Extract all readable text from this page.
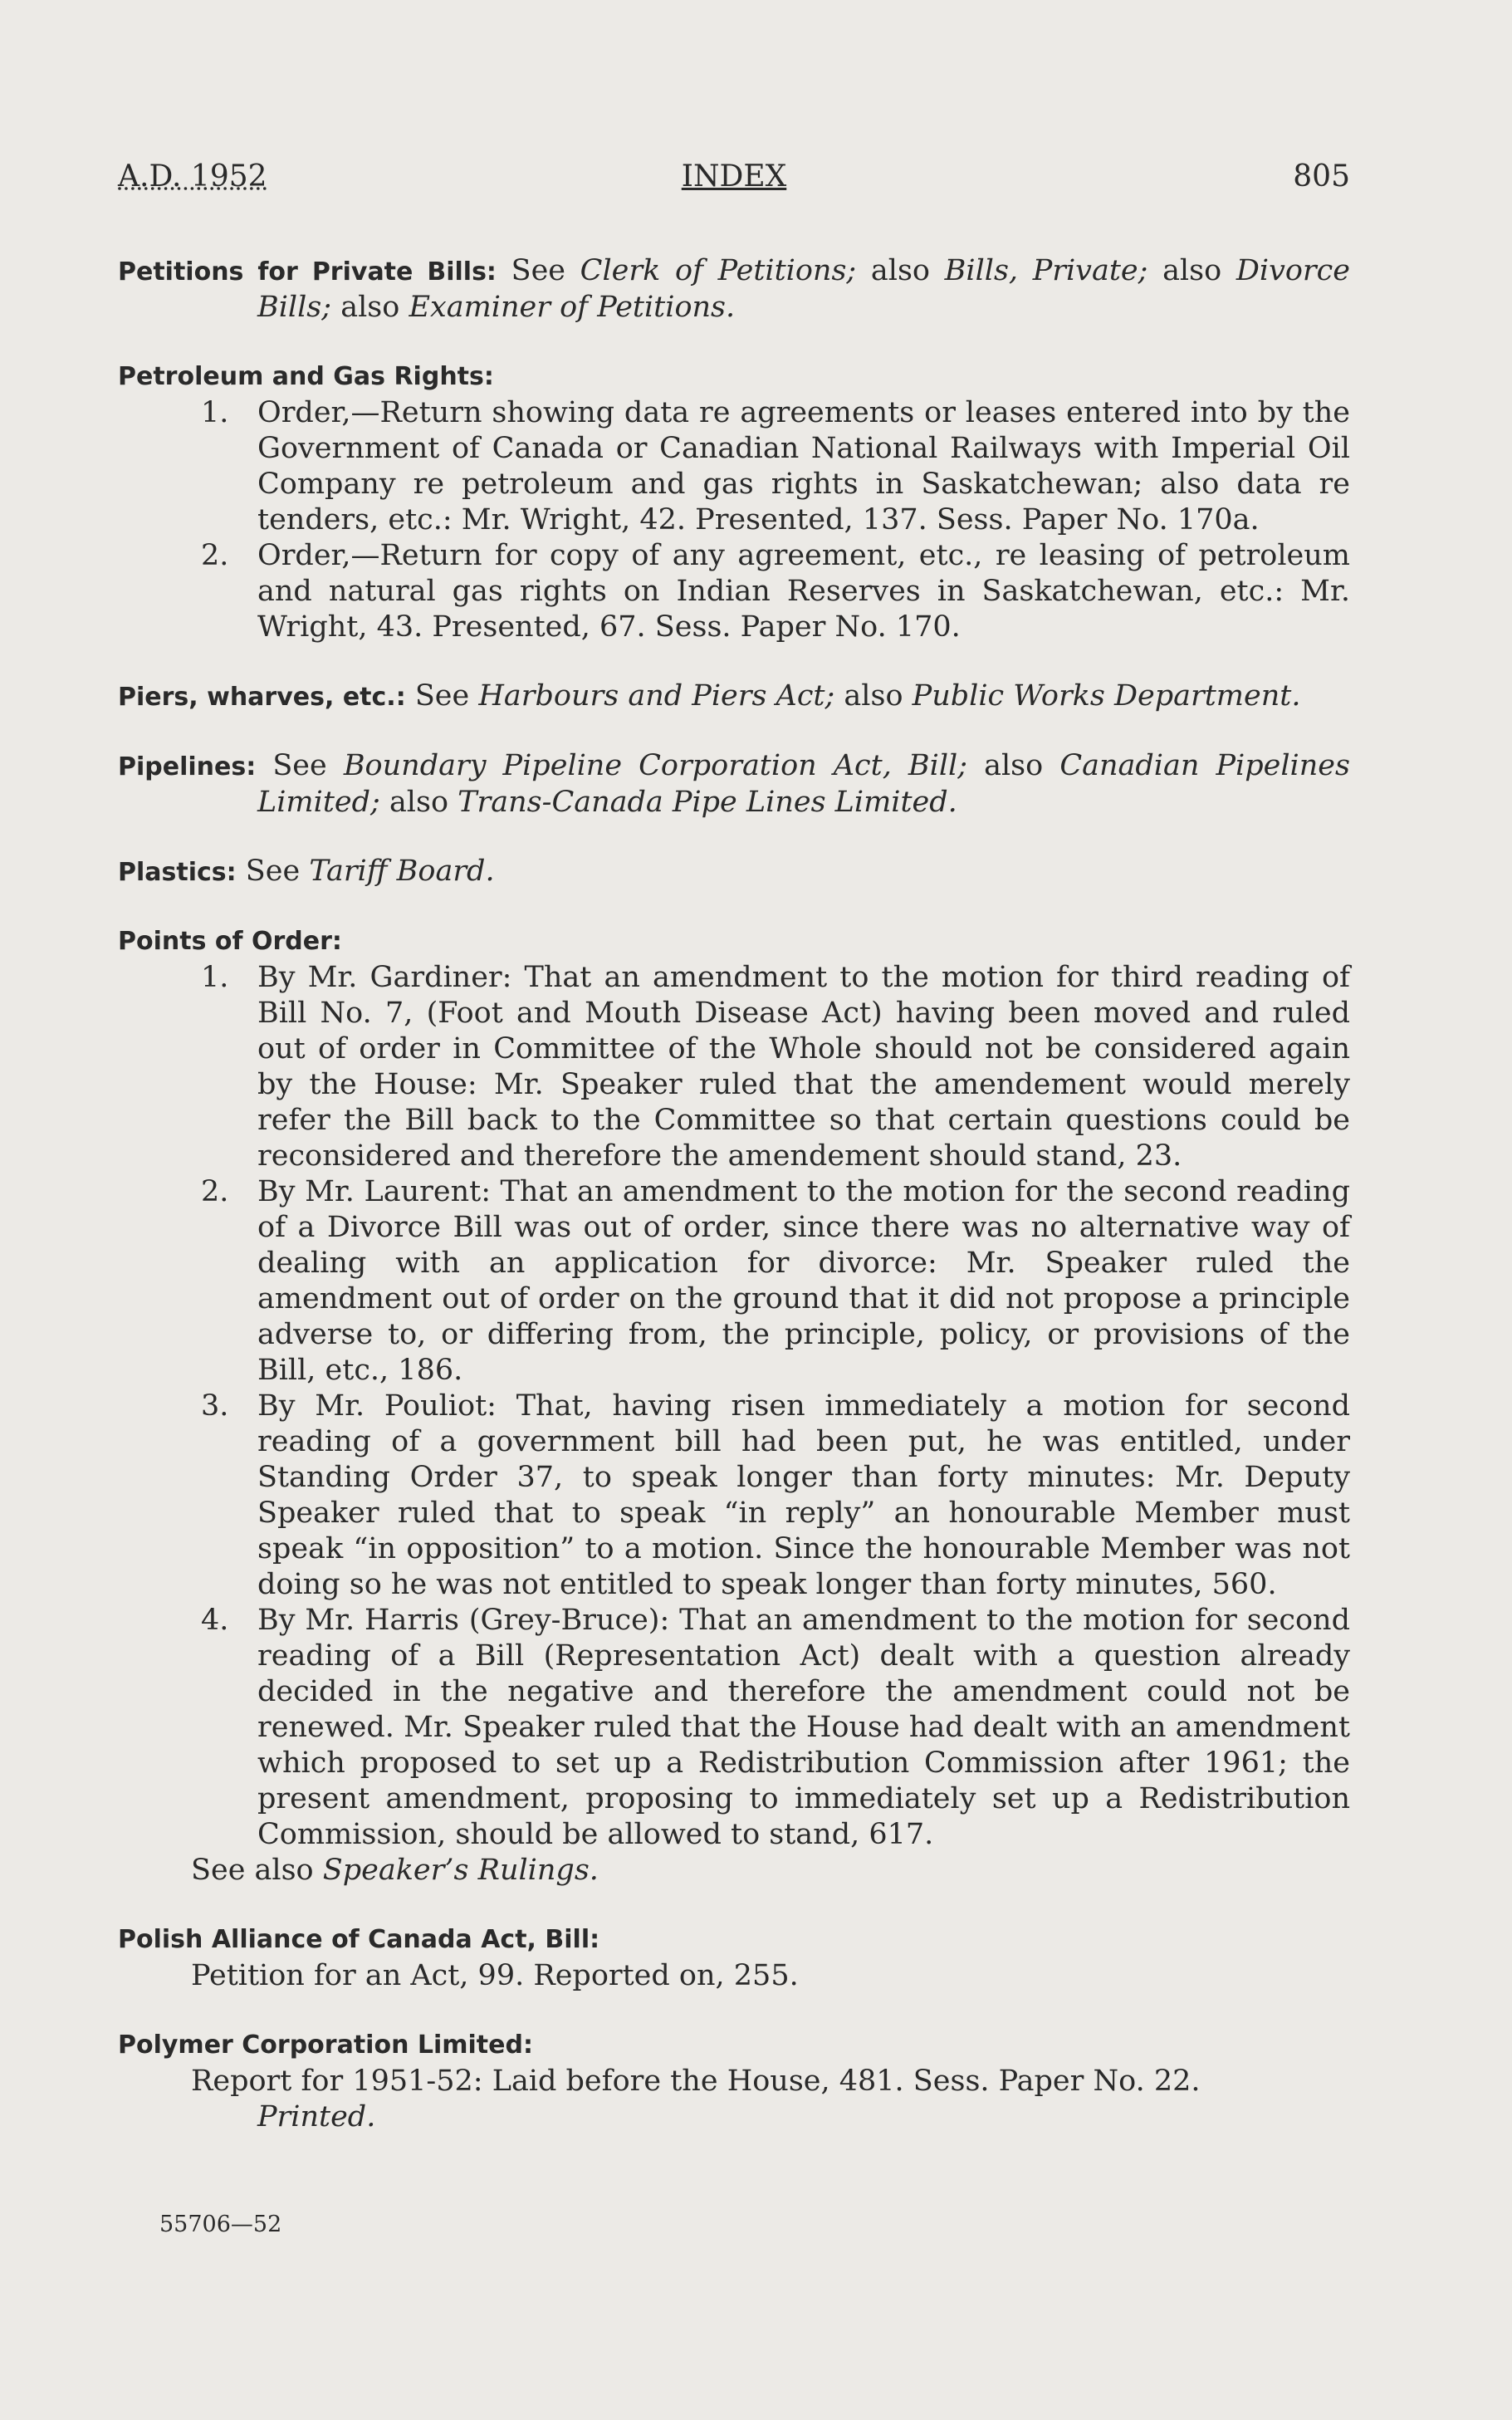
A.D. 1952	INDEX	805
Petitions for Private Bills: See Clerk of Petitions; also Bills, Private; also Divorce Bills; also Examiner of Petitions.
Petroleum and Gas Rights:
1. Order,—Return showing data re agreements or leases entered into by the Government of Canada or Canadian National Railways with Imperial Oil Company re petroleum and gas rights in Saskatchewan; also data re tenders, etc.: Mr. Wright, 42. Presented, 137. Sess. Paper No. 170a.
2. Order,—Return for copy of any agreement, etc., re leasing of petroleum and natural gas rights on Indian Reserves in Saskatchewan, etc.: Mr. Wright, 43. Presented, 67. Sess. Paper No. 170.
Piers, wharves, etc.: See Harbours and Piers Act; also Public Works Department.
Pipelines: See Boundary Pipeline Corporation Act, Bill; also Canadian Pipelines Limited; also Trans-Canada Pipe Lines Limited.
Plastics: See Tariff Board.
Points of Order:
1. By Mr. Gardiner: That an amendment to the motion for third reading of Bill No. 7, (Foot and Mouth Disease Act) having been moved and ruled out of order in Committee of the Whole should not be considered again by the House: Mr. Speaker ruled that the amendement would merely refer the Bill back to the Committee so that certain questions could be reconsidered and therefore the amendement should stand, 23.
2. By Mr. Laurent: That an amendment to the motion for the second reading of a Divorce Bill was out of order, since there was no alternative way of dealing with an application for divorce: Mr. Speaker ruled the amendment out of order on the ground that it did not propose a principle adverse to, or differing from, the principle, policy, or provisions of the Bill, etc., 186.
3. By Mr. Pouliot: That, having risen immediately a motion for second reading of a government bill had been put, he was entitled, under Standing Order 37, to speak longer than forty minutes: Mr. Deputy Speaker ruled that to speak “in reply” an honourable Member must speak “in opposition” to a motion. Since the honourable Member was not doing so he was not entitled to speak longer than forty minutes, 560.
4. By Mr. Harris (Grey-Bruce): That an amendment to the motion for second reading of a Bill (Representation Act) dealt with a question already decided in the negative and therefore the amendment could not be renewed. Mr. Speaker ruled that the House had dealt with an amendment which proposed to set up a Redistribution Commission after 1961; the present amendment, proposing to immediately set up a Redistribution Commission, should be allowed to stand, 617.
See also Speaker’s Rulings.
Polish Alliance of Canada Act, Bill:
Petition for an Act, 99. Reported on, 255.
Polymer Corporation Limited:
Report for 1951-52: Laid before the House, 481. Sess. Paper No. 22.
Printed.
55706—52
